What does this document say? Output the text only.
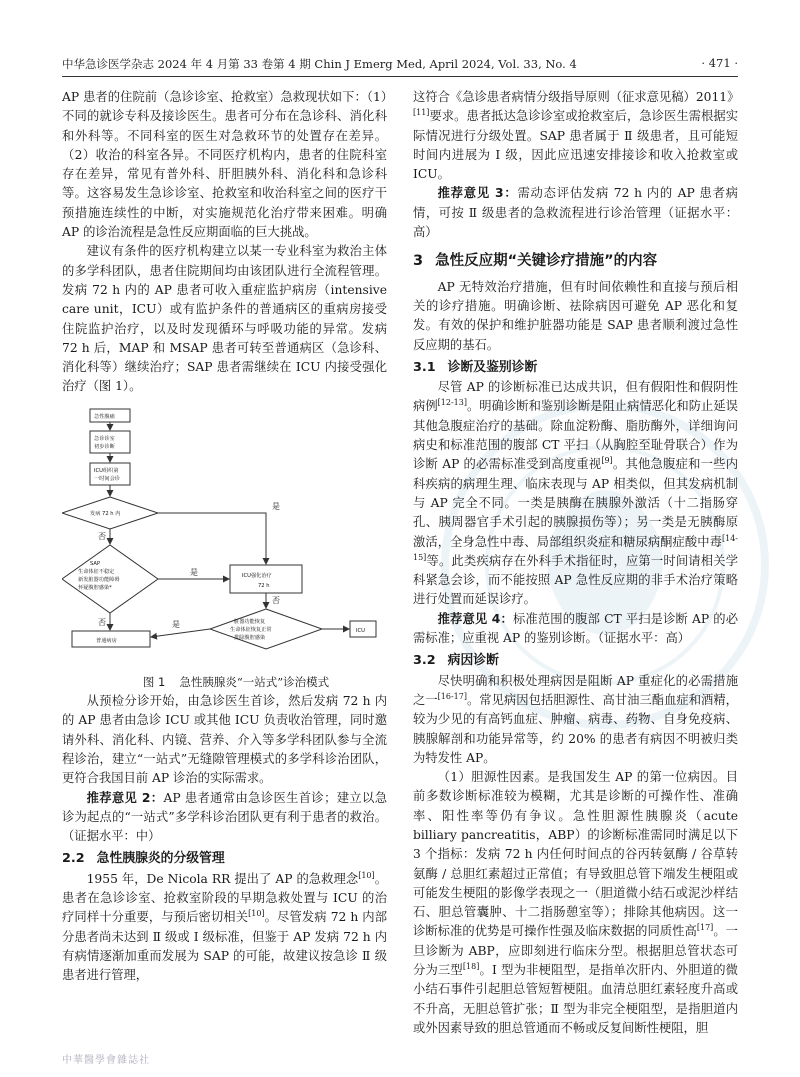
中华急诊医学杂志 2024 年 4 月第 33 卷第 4 期 Chin J Emerg Med, April 2024, Vol. 33, No. 4	· 471 ·

AP 患者的住院前（急诊诊室、抢救室）急救现状如下：（1）不同的就诊专科及接诊医生。患者可分布在急诊科、消化科和外科等。不同科室的医生对急救环节的处置存在差异。（2）收治的科室各异。不同医疗机构内，患者的住院科室存在差异，常见有普外科、肝胆胰外科、消化科和急诊科等。这容易发生急诊诊室、抢救室和收治科室之间的医疗干预措施连续性的中断，对实施规范化治疗带来困难。明确 AP 的诊治流程是急性反应期面临的巨大挑战。

建议有条件的医疗机构建立以某一专业科室为救治主体的多学科团队，患者住院期间均由该团队进行全流程管理。发病 72 h 内的 AP 患者可收入重症监护病房（intensive care unit，ICU）或有监护条件的普通病区的重病房接受住院监护治疗，以及时发现循环与呼吸功能的异常。发病 72 h 后，MAP 和 MSAP 患者可转至普通病区（急诊科、消化科等）继续治疗；SAP 患者需继续在 ICU 内接受强化治疗（图 1）。

急性腹痛
急诊诊室
初步诊断
ICU组织第
一时间会诊
发病 72 h 内
SAP
生命体征不稳定
新发脏器功能障碍
怀疑腹腔感染*
ICU强化治疗
72 h
脏器功能恢复
生命体征恢复正常
排除腹腔感染
普通病房
ICU
是
否
是
否
否	是

图 1 急性胰腺炎“一站式”诊治模式

从预检分诊开始，由急诊医生首诊，然后发病 72 h 内的 AP 患者由急诊 ICU 或其他 ICU 负责收治管理，同时邀请外科、消化科、内镜、营养、介入等多学科团队参与全流程诊治，建立“一站式”无缝隙管理模式的多学科诊治团队，更符合我国目前 AP 诊治的实际需求。

推荐意见 2：AP 患者通常由急诊医生首诊；建立以急诊为起点的“一站式”多学科诊治团队更有利于患者的救治。（证据水平：中）

2.2 急性胰腺炎的分级管理

1955 年，De Nicola RR 提出了 AP 的急救理念[10]。患者在急诊诊室、抢救室阶段的早期急救处置与 ICU 的治疗同样十分重要，与预后密切相关[10]。尽管发病 72 h 内部分患者尚未达到 Ⅱ 级或 Ⅰ 级标准，但鉴于 AP 发病 72 h 内有病情逐渐加重而发展为 SAP 的可能，故建议按急诊 Ⅱ 级患者进行管理，

这符合《急诊患者病情分级指导原则（征求意见稿）2011》[11]要求。患者抵达急诊诊室或抢救室后，急诊医生需根据实际情况进行分级处置。SAP 患者属于 Ⅱ 级患者，且可能短时间内进展为 Ⅰ 级，因此应迅速安排接诊和收入抢救室或 ICU。

推荐意见 3：需动态评估发病 72 h 内的 AP 患者病情，可按 Ⅱ 级患者的急救流程进行诊治管理（证据水平：高）

3 急性反应期“关键诊疗措施”的内容

AP 无特效治疗措施，但有时间依赖性和直接与预后相关的诊疗措施。明确诊断、祛除病因可避免 AP 恶化和复发。有效的保护和维护脏器功能是 SAP 患者顺利渡过急性反应期的基石。

3.1 诊断及鉴别诊断

尽管 AP 的诊断标准已达成共识，但有假阳性和假阴性病例[12-13]。明确诊断和鉴别诊断是阻止病情恶化和防止延误其他急腹症治疗的基础。除血淀粉酶、脂肪酶外，详细询问病史和标准范围的腹部 CT 平扫（从胸腔至耻骨联合）作为诊断 AP 的必需标准受到高度重视[9]。其他急腹症和一些内科疾病的病理生理、临床表现与 AP 相类似，但其发病机制与 AP 完全不同。一类是胰酶在胰腺外激活（十二指肠穿孔、胰周器官手术引起的胰腺损伤等）；另一类是无胰酶原激活，全身急性中毒、局部组织炎症和糖尿病酮症酸中毒[14-15]等。此类疾病存在外科手术指征时，应第一时间请相关学科紧急会诊，而不能按照 AP 急性反应期的非手术治疗策略进行处置而延误诊疗。

推荐意见 4：标准范围的腹部 CT 平扫是诊断 AP 的必需标准；应重视 AP 的鉴别诊断。（证据水平：高）

3.2 病因诊断

尽快明确和积极处理病因是阻断 AP 重症化的必需措施之一[16-17]。常见病因包括胆源性、高甘油三酯血症和酒精，较为少见的有高钙血症、肿瘤、病毒、药物、自身免疫病、胰腺解剖和功能异常等，约 20% 的患者有病因不明被归类为特发性 AP。

（1）胆源性因素。是我国发生 AP 的第一位病因。目前多数诊断标准较为模糊，尤其是诊断的可操作性、准确率、阳性率等仍有争议。急性胆源性胰腺炎（acute billiary pancreatitis，ABP）的诊断标准需同时满足以下 3 个指标：发病 72 h 内任何时间点的谷丙转氨酶 / 谷草转氨酶 / 总胆红素超过正常值；有导致胆总管下端发生梗阻或可能发生梗阻的影像学表现之一（胆道微小结石或泥沙样结石、胆总管囊肿、十二指肠憩室等）；排除其他病因。这一诊断标准的优势是可操作性强及临床数据的同质性高[17]。一旦诊断为 ABP，应即刻进行临床分型。根据胆总管状态可分为三型[18]。Ⅰ 型为非梗阻型，是指单次肝内、外胆道的微小结石事件引起胆总管短暂梗阻。血清总胆红素轻度升高或不升高，无胆总管扩张；Ⅱ 型为非完全梗阻型，是指胆道内或外因素导致的胆总管通而不畅或反复间断性梗阻，胆

中華醫學會雜誌社
